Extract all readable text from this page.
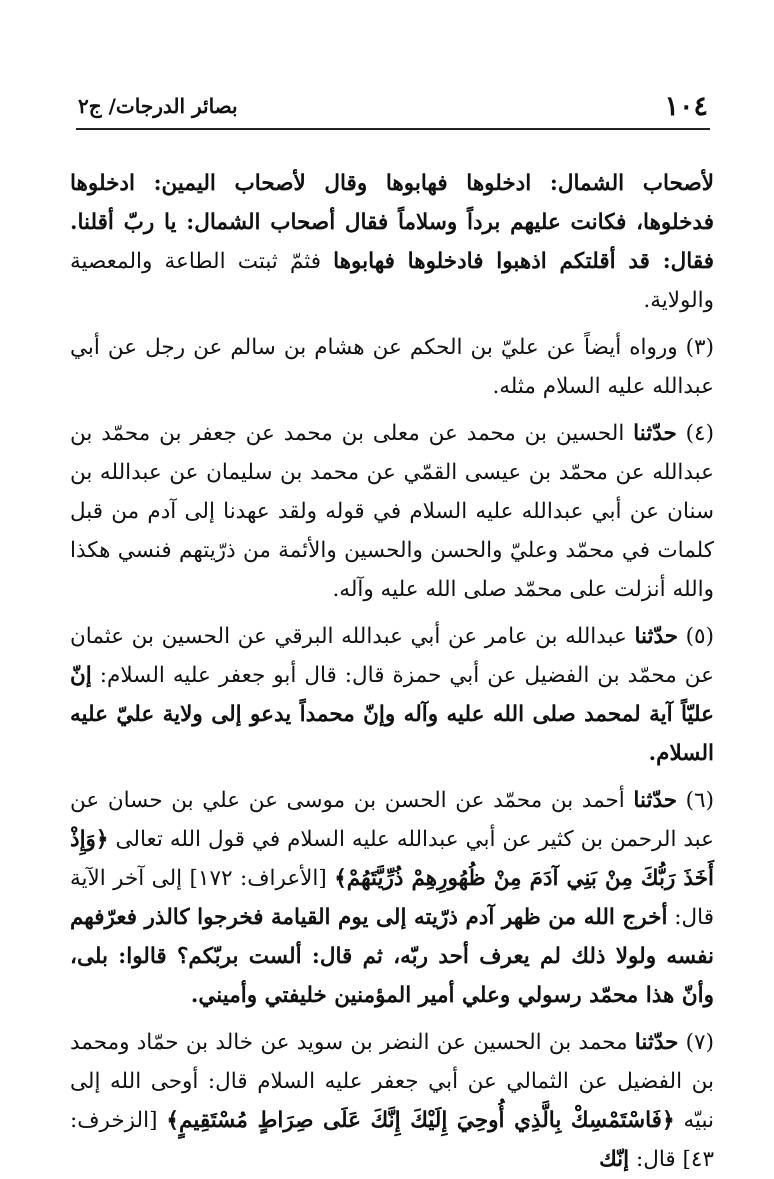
١٠٤
بصائر الدرجات/ ج٢

لأصحاب الشمال: ادخلوها فهابوها وقال لأصحاب اليمين: ادخلوها فدخلوها، فكانت عليهم برداً وسلاماً فقال أصحاب الشمال: يا ربّ أقلنا. فقال: قد أقلتكم اذهبوا فادخلوها فهابوها فثمّ ثبتت الطاعة والمعصية والولاية.

(٣) ورواه أيضاً عن عليّ بن الحكم عن هشام بن سالم عن رجل عن أبي عبدالله عليه السلام مثله.

(٤) حدّثنا الحسين بن محمد عن معلى بن محمد عن جعفر بن محمّد بن عبدالله عن محمّد بن عيسى القمّي عن محمد بن سليمان عن عبدالله بن سنان عن أبي عبدالله عليه السلام في قوله ولقد عهدنا إلى آدم من قبل كلمات في محمّد وعليّ والحسن والحسين والأئمة من ذرّيتهم فنسي هكذا والله أنزلت على محمّد صلى الله عليه وآله.

(٥) حدّثنا عبدالله بن عامر عن أبي عبدالله البرقي عن الحسين بن عثمان عن محمّد بن الفضيل عن أبي حمزة قال: قال أبو جعفر عليه السلام: إنّ عليّاً آية لمحمد صلى الله عليه وآله وإنّ محمداً يدعو إلى ولاية عليّ عليه السلام.

(٦) حدّثنا أحمد بن محمّد عن الحسن بن موسى عن علي بن حسان عن عبد الرحمن بن كثير عن أبي عبدالله عليه السلام في قول الله تعالى ﴿وَإِذْ أَخَذَ رَبُّكَ مِنْ بَنِي آدَمَ مِنْ ظُهُورِهِمْ ذُرِّيَّتَهُمْ﴾ [الأعراف: ١٧٢] إلى آخر الآية قال: أخرج الله من ظهر آدم ذرّيته إلى يوم القيامة فخرجوا كالذر فعرّفهم نفسه ولولا ذلك لم يعرف أحد ربّه، ثم قال: ألست بربّكم؟ قالوا: بلى، وأنّ هذا محمّد رسولي وعلي أمير المؤمنين خليفتي وأميني.

(٧) حدّثنا محمد بن الحسين عن النضر بن سويد عن خالد بن حمّاد ومحمد بن الفضيل عن الثمالي عن أبي جعفر عليه السلام قال: أوحى الله إلى نبيّه ﴿فَاسْتَمْسِكْ بِالَّذِي أُوحِيَ إِلَيْكَ إِنَّكَ عَلَى صِرَاطٍ مُسْتَقِيمٍ﴾ [الزخرف: ٤٣] قال: إنّك
